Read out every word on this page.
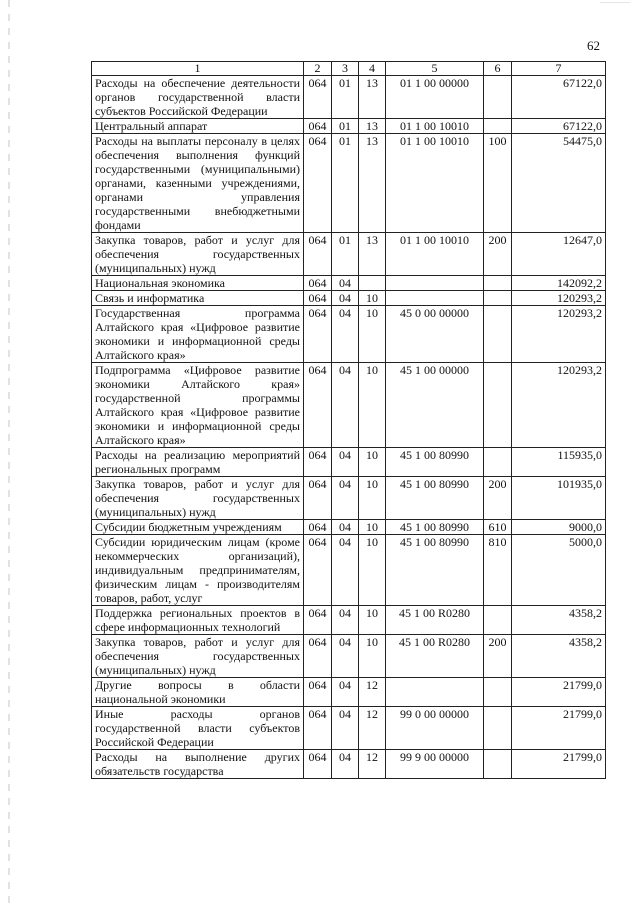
62
1	2	3	4	5	6	7
Расходы на обеспечение деятельности органов государственной власти субъектов Российской Федерации	064	01	13	01 1 00 00000		67122,0
Центральный аппарат	064	01	13	01 1 00 10010		67122,0
Расходы на выплаты персоналу в целях обеспечения выполнения функций государственными (муниципальными) органами, казенными учреждениями, органами управления государственными внебюджетными фондами	064	01	13	01 1 00 10010	100	54475,0
Закупка товаров, работ и услуг для обеспечения государственных (муниципальных) нужд	064	01	13	01 1 00 10010	200	12647,0
Национальная экономика	064	04				142092,2
Связь и информатика	064	04	10			120293,2
Государственная программа Алтайского края «Цифровое развитие экономики и информационной среды Алтайского края»	064	04	10	45 0 00 00000		120293,2
Подпрограмма «Цифровое развитие экономики Алтайского края» государственной программы Алтайского края «Цифровое развитие экономики и информационной среды Алтайского края»	064	04	10	45 1 00 00000		120293,2
Расходы на реализацию мероприятий региональных программ	064	04	10	45 1 00 80990		115935,0
Закупка товаров, работ и услуг для обеспечения государственных (муниципальных) нужд	064	04	10	45 1 00 80990	200	101935,0
Субсидии бюджетным учреждениям	064	04	10	45 1 00 80990	610	9000,0
Субсидии юридическим лицам (кроме некоммерческих организаций), индивидуальным предпринимателям, физическим лицам - производителям товаров, работ, услуг	064	04	10	45 1 00 80990	810	5000,0
Поддержка региональных проектов в сфере информационных технологий	064	04	10	45 1 00 R0280		4358,2
Закупка товаров, работ и услуг для обеспечения государственных (муниципальных) нужд	064	04	10	45 1 00 R0280	200	4358,2
Другие вопросы в области национальной экономики	064	04	12			21799,0
Иные расходы органов государственной власти субъектов Российской Федерации	064	04	12	99 0 00 00000		21799,0
Расходы на выполнение других обязательств государства	064	04	12	99 9 00 00000		21799,0
